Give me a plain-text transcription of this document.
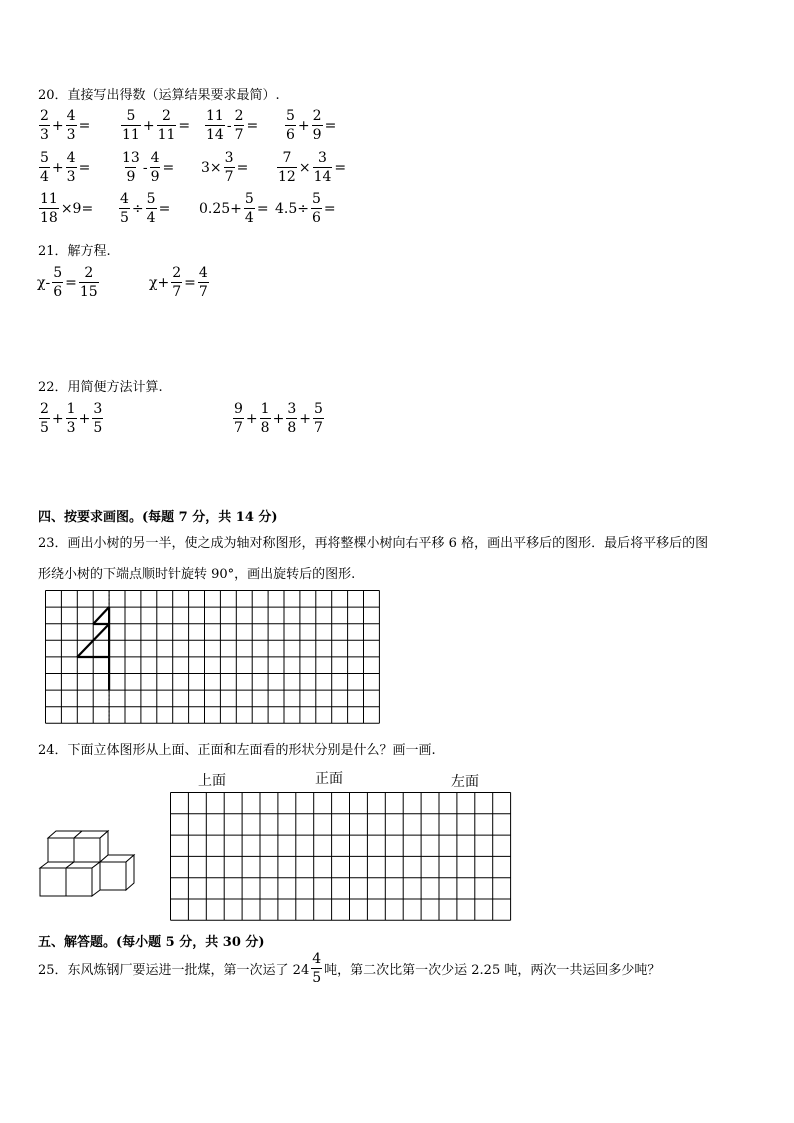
20．直接写出得数（运算结果要求最简）.
$\frac{2}{3} + \frac{4}{3} = \frac{5}{11} + \frac{2}{11} = \frac{11}{14} - \frac{2}{7} = \frac{5}{6} + \frac{2}{9}$ =
$\frac{5}{4} + \frac{4}{3} = \frac{13}{9} - \frac{4}{9} = 3\times \frac{3}{7} = \frac{7}{12} \times \frac{3}{14}$ =
$\frac{11}{18} \times 9= \frac{4}{5} \div \frac{5}{4} = 0.25+ \frac{5}{4} = 4.5\div \frac{5}{6}$ =
21．解方程.
$\chi- \frac{5}{6} = \frac{2}{15}$	$\chi+ \frac{2}{7} = \frac{4}{7}$
22．用简便方法计算.
$\frac{2}{5} + \frac{1}{3} + \frac{3}{5}$	$\frac{9}{7} + \frac{1}{8} + \frac{3}{8} + \frac{5}{7}$
四、按要求画图。(每题 7 分，共 14 分)
23．画出小树的另一半，使之成为轴对称图形，再将整棵小树向右平移 6 格，画出平移后的图形．最后将平移后的图
形绕小树的下端点顺时针旋转 90°，画出旋转后的图形.
24．下面立体图形从上面、正面和左面看的形状分别是什么？画一画.
上面	正面	左面
五、解答题。(每小题 5 分，共 30 分)
25．东风炼钢厂要运进一批煤，第一次运了 $24 \frac{4}{5}$ 吨，第二次比第一次少运 2.25 吨，两次一共运回多少吨？
